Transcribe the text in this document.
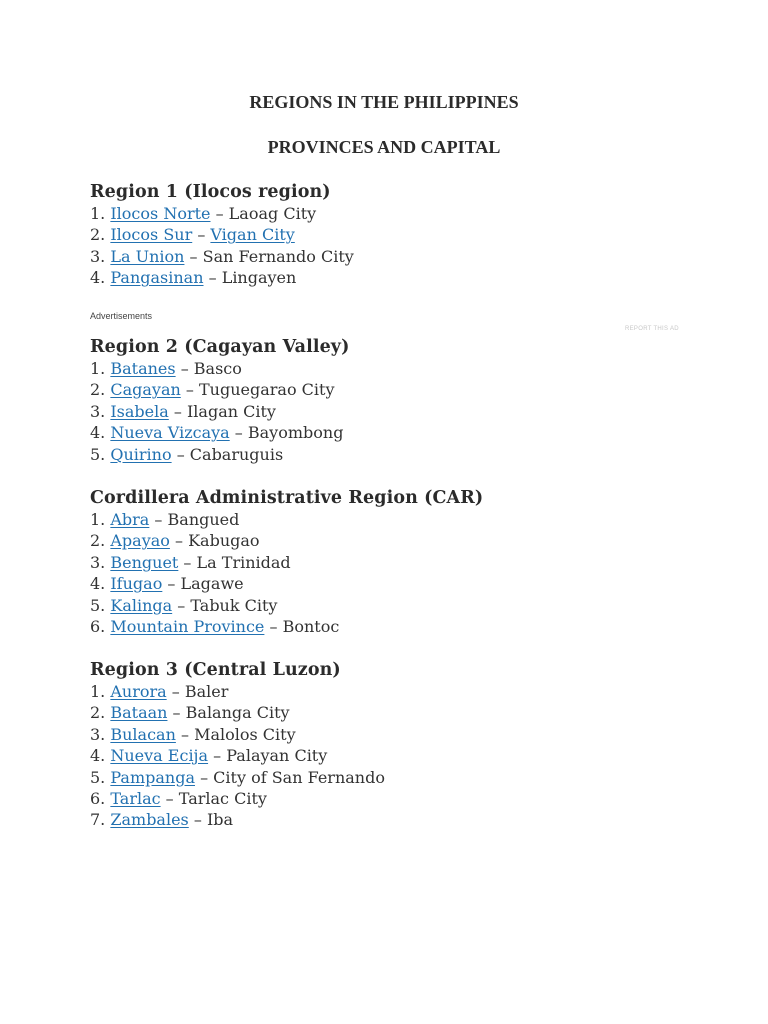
REGIONS IN THE PHILIPPINES
PROVINCES AND CAPITAL
Region 1 (Ilocos region)
1. Ilocos Norte – Laoag City
2. Ilocos Sur – Vigan City
3. La Union – San Fernando City
4. Pangasinan – Lingayen
Advertisements
REPORT THIS AD
Region 2 (Cagayan Valley)
1. Batanes – Basco
2. Cagayan – Tuguegarao City
3. Isabela – Ilagan City
4. Nueva Vizcaya – Bayombong
5. Quirino – Cabaruguis
Cordillera Administrative Region (CAR)
1. Abra – Bangued
2. Apayao – Kabugao
3. Benguet – La Trinidad
4. Ifugao – Lagawe
5. Kalinga – Tabuk City
6. Mountain Province – Bontoc
Region 3 (Central Luzon)
1. Aurora – Baler
2. Bataan – Balanga City
3. Bulacan – Malolos City
4. Nueva Ecija – Palayan City
5. Pampanga – City of San Fernando
6. Tarlac – Tarlac City
7. Zambales – Iba
